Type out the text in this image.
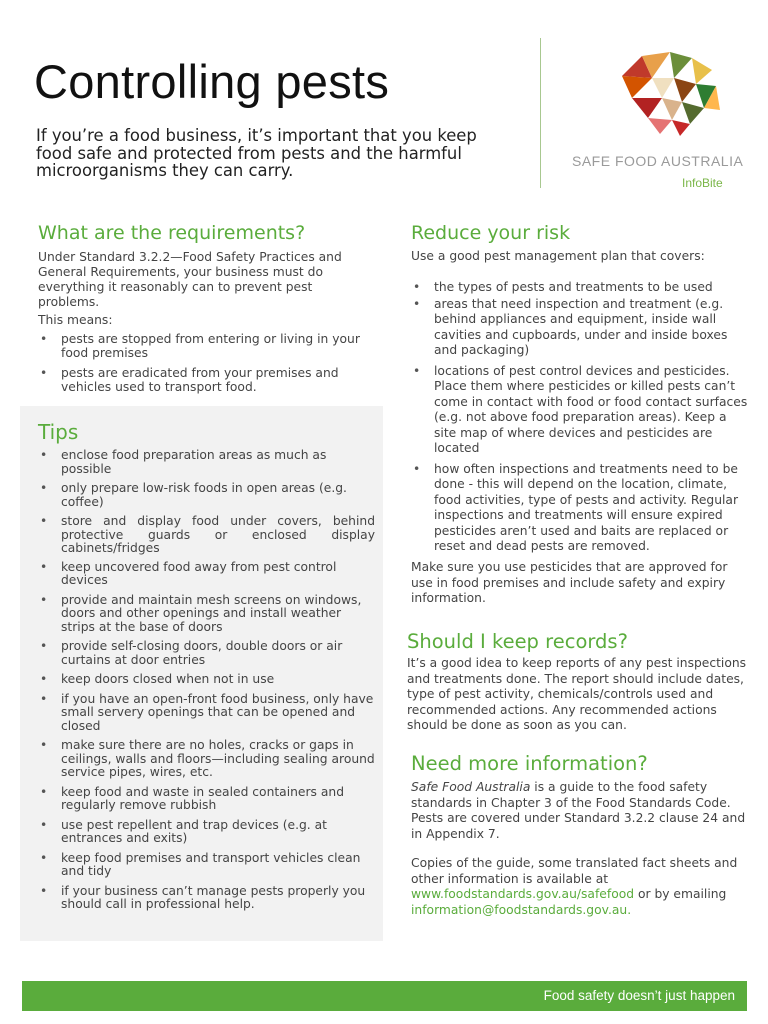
Controlling pests

If you’re a food business, it’s important that you keep food safe and protected from pests and the harmful microorganisms they can carry.	SAFE FOOD AUSTRALIA
InfoBite
What are the requirements?

Under Standard 3.2.2—Food Safety Practices and General Requirements, your business must do everything it reasonably can to prevent pest problems.

This means:

• pests are stopped from entering or living in your food premises
• pests are eradicated from your premises and vehicles used to transport food.
Tips
• enclose food preparation areas as much as possible
• only prepare low-risk foods in open areas (e.g. coffee)
• store and display food under covers, behind protective guards or enclosed display cabinets/fridges
• keep uncovered food away from pest control devices
• provide and maintain mesh screens on windows, doors and other openings and install weather strips at the base of doors
• provide self-closing doors, double doors or air curtains at door entries
• keep doors closed when not in use
• if you have an open-front food business, only have small servery openings that can be opened and closed
• make sure there are no holes, cracks or gaps in ceilings, walls and floors—including sealing around service pipes, wires, etc.
• keep food and waste in sealed containers and regularly remove rubbish
• use pest repellent and trap devices (e.g. at entrances and exits)
• keep food premises and transport vehicles clean and tidy
• if your business can’t manage pests properly you should call in professional help.
Reduce your risk

Use a good pest management plan that covers:

• the types of pests and treatments to be used
• areas that need inspection and treatment (e.g. behind appliances and equipment, inside wall cavities and cupboards, under and inside boxes and packaging)
• locations of pest control devices and pesticides. Place them where pesticides or killed pests can’t come in contact with food or food contact surfaces (e.g. not above food preparation areas). Keep a site map of where devices and pesticides are located
• how often inspections and treatments need to be done - this will depend on the location, climate, food activities, type of pests and activity. Regular inspections and treatments will ensure expired pesticides aren’t used and baits are replaced or reset and dead pests are removed.

Make sure you use pesticides that are approved for use in food premises and include safety and expiry information.

Should I keep records?

It’s a good idea to keep reports of any pest inspections and treatments done. The report should include dates, type of pest activity, chemicals/controls used and recommended actions. Any recommended actions should be done as soon as you can.

Need more information?

Safe Food Australia is a guide to the food safety standards in Chapter 3 of the Food Standards Code. Pests are covered under Standard 3.2.2 clause 24 and in Appendix 7.

Copies of the guide, some translated fact sheets and other information is available at www.foodstandards.gov.au/safefood or by emailing information@foodstandards.gov.au.

Food safety doesn’t just happen
